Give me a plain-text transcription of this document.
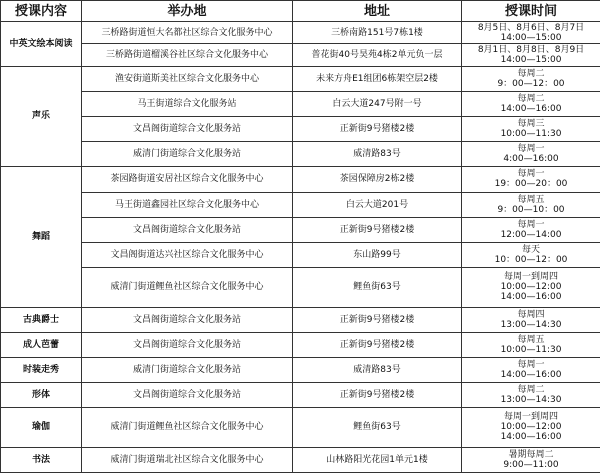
授课内容	举办地	地址	授课时间
中英文绘本阅读	三桥路街道恒大名都社区综合文化服务中心	三桥南路151号7栋1楼	8月5日、8月6日、8月7日
14:00—15:00

	三桥路街道榴溪谷社区综合文化服务中心	普花街40号昊苑4栋2单元负一层	8月1日、8月8日、8月9日
14:00—15:00

声乐	渔安街道斯美社区综合文化服务中心	未来方舟E1组团6栋架空层2楼	每周二
9：00—12：00

	马王街道综合文化服务站	白云大道247号附一号	每周二
14:00—16:00

	文昌阁街道综合文化服务站	正新街9号猪楼2楼	每周三
10:00—11:30

	威清门街道综合文化服务站	威清路83号	每周一
4:00—16:00

舞蹈	茶园路街道安居社区综合文化服务中心	茶园保障房2栋2楼	每周一
19：00—20：00

	马王街道鑫园社区综合文化服务中心	白云大道201号	每周五
9：00—10：00

	文昌阁街道综合文化服务站	正新街9号猪楼2楼	每周一
12:00—14:00

	文昌阁街道达兴社区综合文化服务中心	东山路99号	每天
10：00—12：00

	威清门街道鲤鱼社区综合文化服务中心	鲤鱼街63号	每周一到周四
10:00—12:00
14:00—16:00

古典爵士	文昌阁街道综合文化服务站	正新街9号猪楼2楼	每周四
13:00—14:30

成人芭蕾	文昌阁街道综合文化服务站	正新街9号猪楼2楼	每周五
10:00—11:30

时装走秀	威清门街道综合文化服务站	威清路83号	每周一
14:00—16:00

形体	文昌阁街道综合文化服务站	正新街9号猪楼2楼	每周二
13:00—14:30

瑜伽	威清门街道鲤鱼社区综合文化服务中心	鲤鱼街63号	每周一到周四
10:00—12:00
14:00—16:00

书法	威清门街道瑞北社区综合文化服务中心	山林路阳光花园1单元1楼	暑期每周二
9:00—11:00
